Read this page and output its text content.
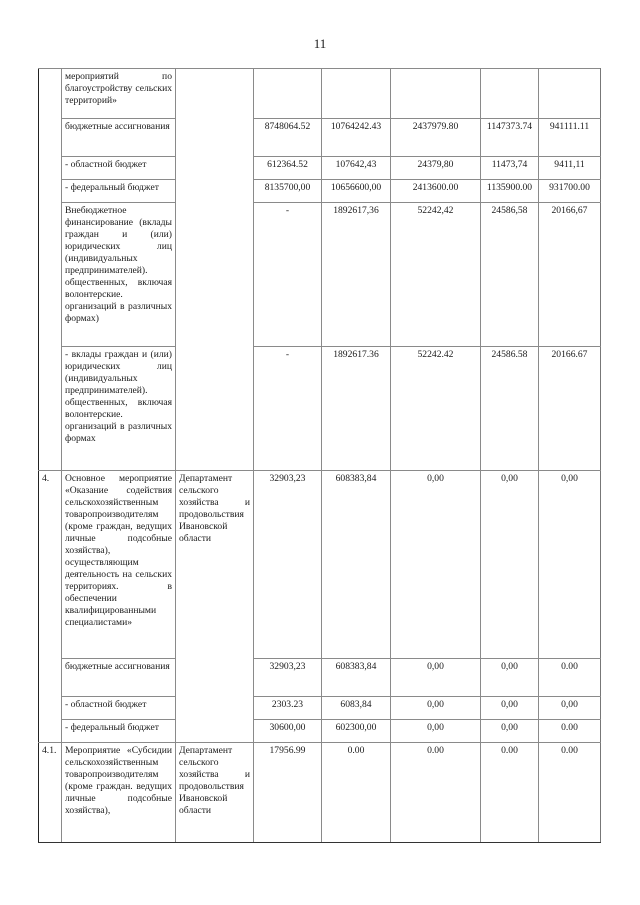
11
	мероприятий по благоустройству сельских территорий»						
	бюджетные ассигнования		8748064.52	10764242.43	2437979.80	1147373.74	941111.11
	- областной бюджет		612364.52	107642,43	24379,80	11473,74	9411,11
	- федеральный бюджет		8135700,00	10656600,00	2413600.00	1135900.00	931700.00
	Внебюджетное финансирование (вклады граждан и (или) юридических лиц (индивидуальных предпринимателей). общественных, включая волонтерские. организаций в различных формах)		-	1892617,36	52242,42	24586,58	20166,67
	- вклады граждан и (или) юридических лиц (индивидуальных предпринимателей). общественных, включая волонтерские. организаций в различных формах		-	1892617.36	52242.42	24586.58	20166.67
4.	Основное мероприятие «Оказание содействия сельскохозяйственным товаропроизводителям (кроме граждан, ведущих личные подсобные хозяйства), осуществляющим деятельность на сельских территориях. в обеспечении квалифицированными специалистами»	Департамент сельского хозяйства и продовольствия Ивановской области	32903,23	608383,84	0,00	0,00	0,00
	бюджетные ассигнования		32903,23	608383,84	0,00	0,00	0.00
	- областной бюджет		2303.23	6083,84	0,00	0,00	0,00
	- федеральный бюджет		30600,00	602300,00	0,00	0,00	0.00
4.1.	Мероприятие «Субсидии сельскохозяйственным товаропроизводителям (кроме граждан. ведущих личные подсобные хозяйства),	Департамент сельского хозяйства и продовольствия Ивановской области	17956.99	0.00	0.00	0.00	0.00
